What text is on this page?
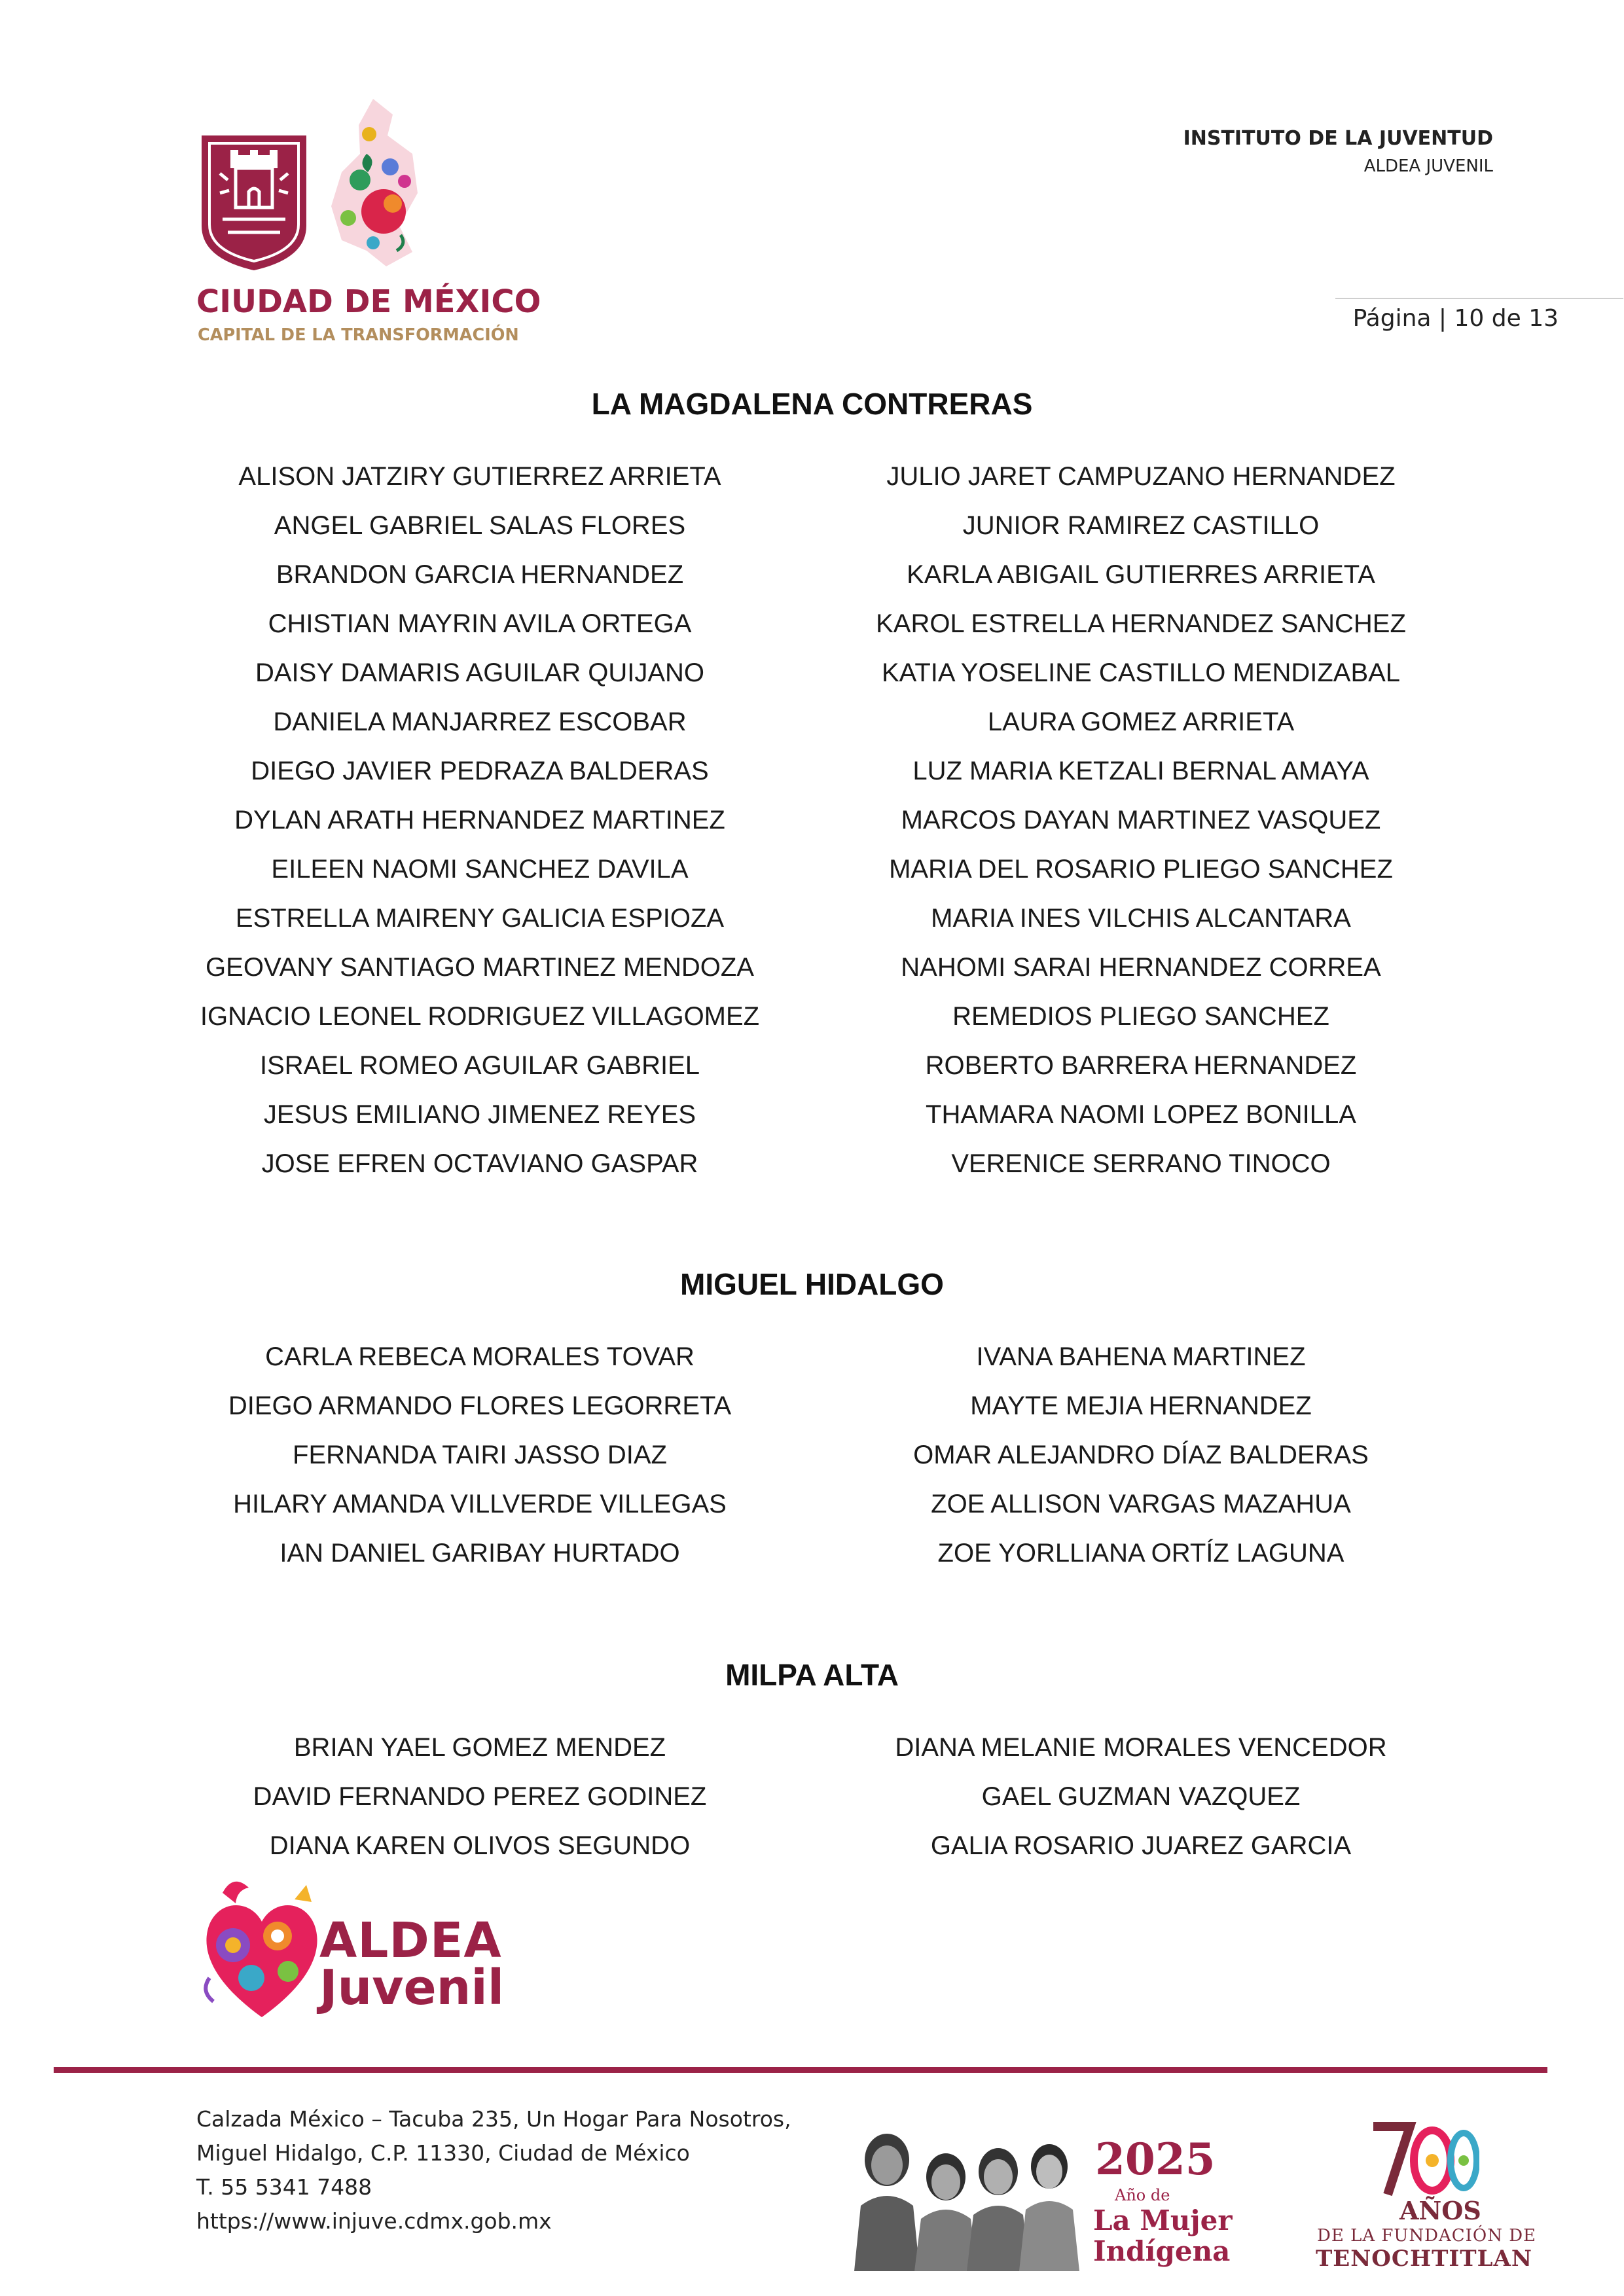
CIUDAD DE MÉXICO
CAPITAL DE LA TRANSFORMACIÓN
INSTITUTO DE LA JUVENTUD
ALDEA JUVENIL
Página | 10 de 13
LA MAGDALENA CONTRERAS
ALISON JATZIRY GUTIERREZ ARRIETA
ANGEL GABRIEL SALAS FLORES
BRANDON GARCIA HERNANDEZ
CHISTIAN MAYRIN AVILA ORTEGA
DAISY DAMARIS AGUILAR QUIJANO
DANIELA MANJARREZ ESCOBAR
DIEGO JAVIER PEDRAZA BALDERAS
DYLAN ARATH HERNANDEZ MARTINEZ
EILEEN NAOMI SANCHEZ DAVILA
ESTRELLA MAIRENY GALICIA ESPIOZA
GEOVANY SANTIAGO MARTINEZ MENDOZA
IGNACIO LEONEL RODRIGUEZ VILLAGOMEZ
ISRAEL ROMEO AGUILAR GABRIEL
JESUS EMILIANO JIMENEZ REYES
JOSE EFREN OCTAVIANO GASPAR
JULIO JARET CAMPUZANO HERNANDEZ
JUNIOR RAMIREZ CASTILLO
KARLA ABIGAIL GUTIERRES ARRIETA
KAROL ESTRELLA HERNANDEZ SANCHEZ
KATIA YOSELINE CASTILLO MENDIZABAL
LAURA GOMEZ ARRIETA
LUZ MARIA KETZALI BERNAL AMAYA
MARCOS DAYAN MARTINEZ VASQUEZ
MARIA DEL ROSARIO PLIEGO SANCHEZ
MARIA INES VILCHIS ALCANTARA
NAHOMI SARAI HERNANDEZ CORREA
REMEDIOS PLIEGO SANCHEZ
ROBERTO BARRERA HERNANDEZ
THAMARA NAOMI LOPEZ BONILLA
VERENICE SERRANO TINOCO
MIGUEL HIDALGO
CARLA REBECA MORALES TOVAR
DIEGO ARMANDO FLORES LEGORRETA
FERNANDA TAIRI JASSO DIAZ
HILARY AMANDA VILLVERDE VILLEGAS
IAN DANIEL GARIBAY HURTADO
IVANA BAHENA MARTINEZ
MAYTE MEJIA HERNANDEZ
OMAR ALEJANDRO DÍAZ BALDERAS
ZOE ALLISON VARGAS MAZAHUA
ZOE YORLLIANA ORTÍZ LAGUNA
MILPA ALTA
BRIAN YAEL GOMEZ MENDEZ
DAVID FERNANDO PEREZ GODINEZ
DIANA KAREN OLIVOS SEGUNDO
DIANA MELANIE MORALES VENCEDOR
GAEL GUZMAN VAZQUEZ
GALIA ROSARIO JUAREZ GARCIA
ALDEA
Juvenil
Calzada México – Tacuba 235, Un Hogar Para Nosotros,
Miguel Hidalgo, C.P. 11330, Ciudad de México
T. 55 5341 7488
https://www.injuve.cdmx.gob.mx
2025
Año de
La Mujer
Indígena
AÑOS
DE LA FUNDACIÓN DE
TENOCHTITLAN
